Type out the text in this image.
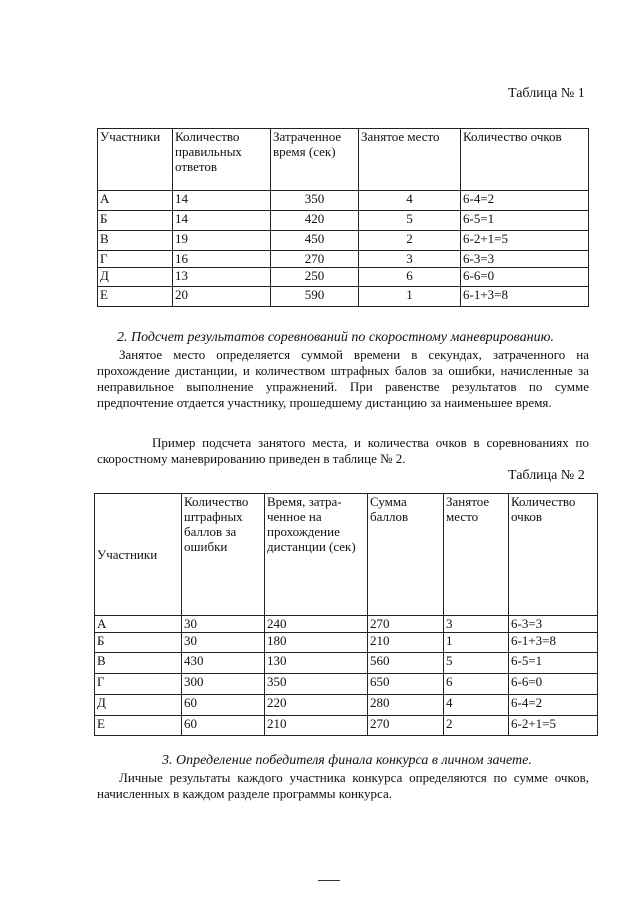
Таблица № 1
Участники	Количество правильных ответов	Затраченное время (сек)	Занятое место	Количество очков
А	14	350	4	6-4=2
Б	14	420	5	6-5=1
В	19	450	2	6-2+1=5
Г	16	270	3	6-3=3
Д	13	250	6	6-6=0
Е	20	590	1	6-1+3=8
2. Подсчет результатов соревнований по скоростному маневрированию.

Занятое место определяется суммой времени в секундах, затраченного на прохождение дистанции, и количеством штрафных балов за ошибки, начисленные за неправильное выполнение упражнений. При равенстве результатов по сумме предпочтение отдается участнику, прошедшему дистанцию за наименьшее время.

Пример подсчета занятого места, и количества очков в соревнованиях по скоростному маневрированию приведен в таблице № 2.

Таблица № 2
Участники	Количество штрафных баллов за ошибки	Время, затра-ченное на прохождение дистанции (сек)	Сумма баллов	Занятое место	Количество очков
А	30	240	270	3	6-3=3
Б	30	180	210	1	6-1+3=8
В	430	130	560	5	6-5=1
Г	300	350	650	6	6-6=0
Д	60	220	280	4	6-4=2
Е	60	210	270	2	6-2+1=5
3. Определение победителя финала конкурса в личном зачете.

Личные результаты каждого участника конкурса определяются по сумме очков, начисленных в каждом разделе программы конкурса.
